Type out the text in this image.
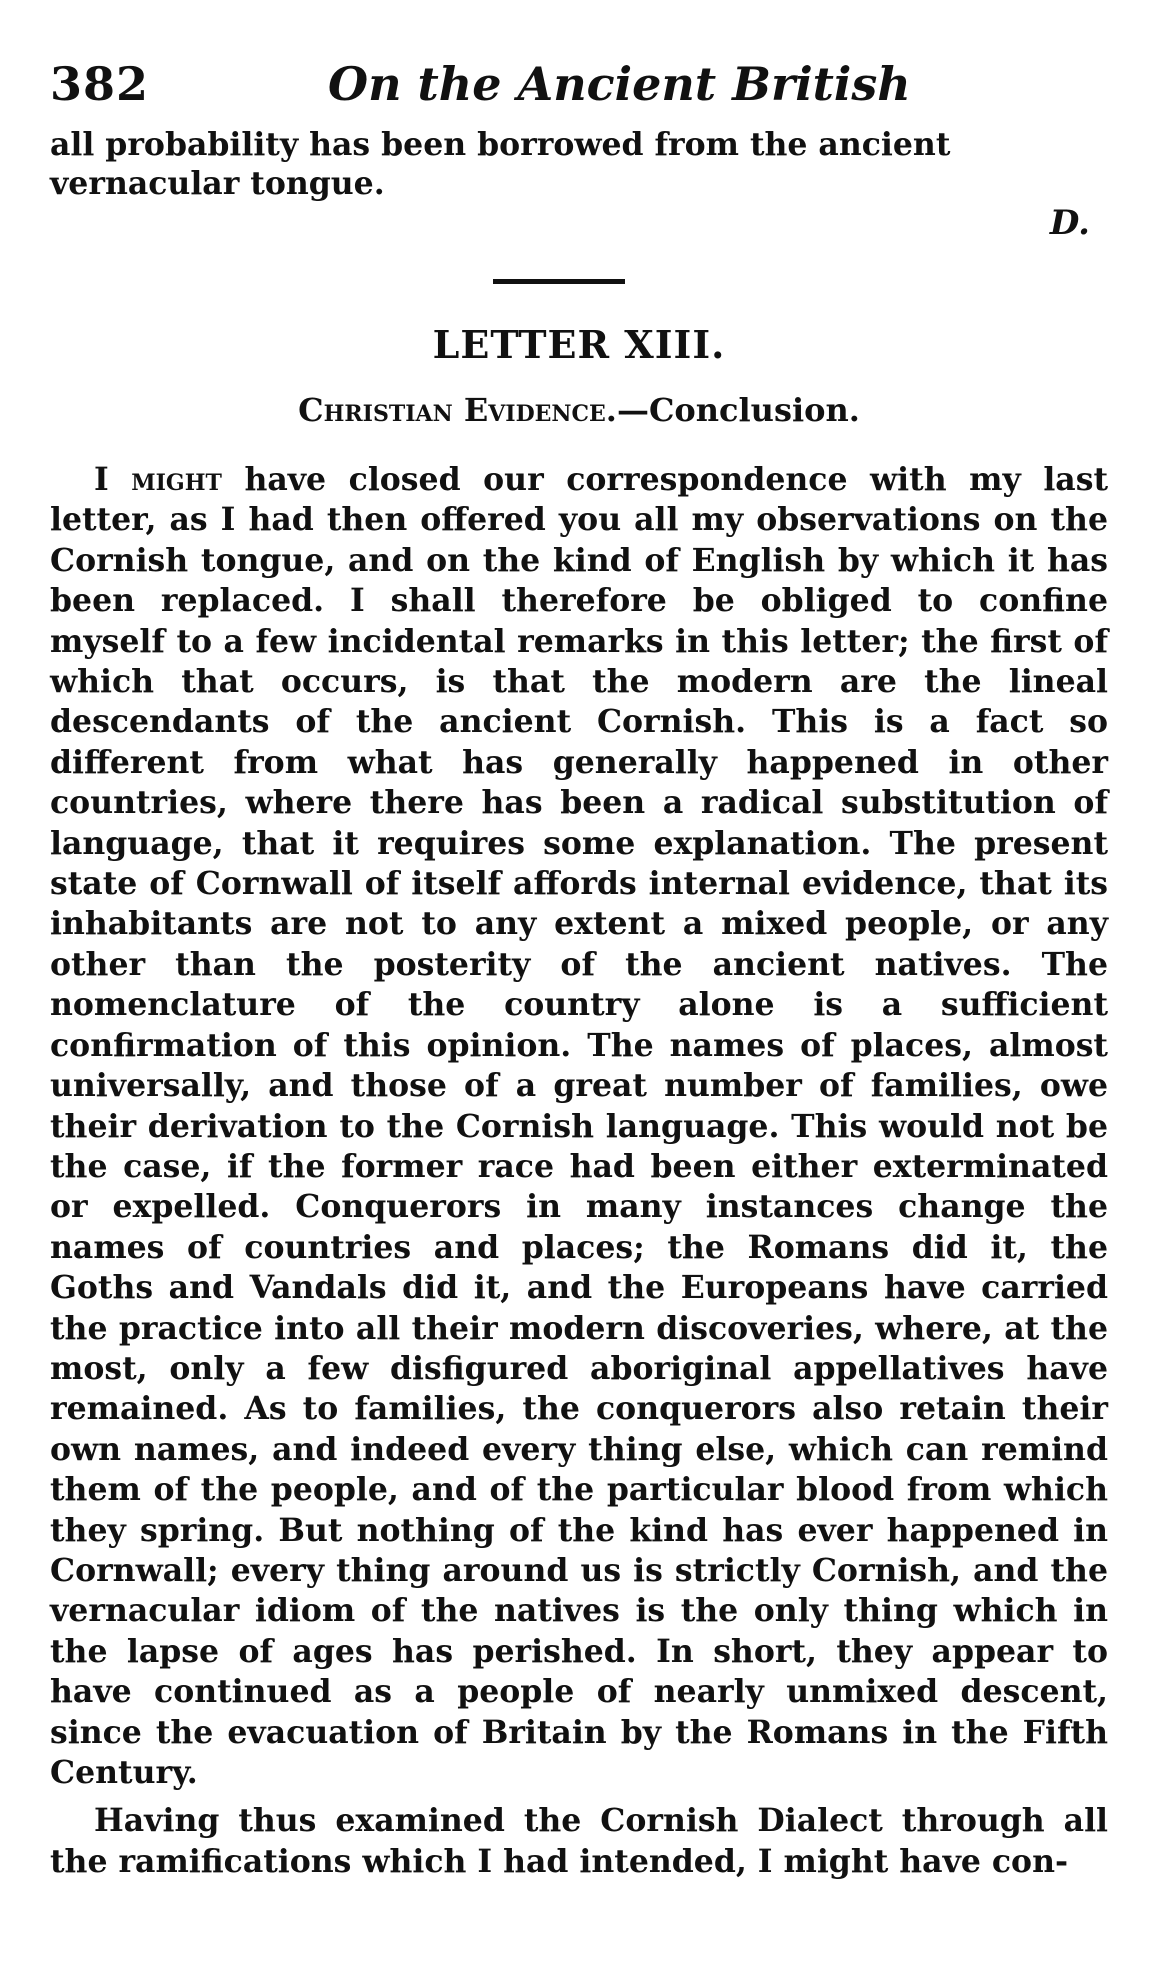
382	On the Ancient British
all probability has been borrowed from the ancient vernacular tongue.
D.
LETTER XIII.
Christian Evidence.—Conclusion.

I might have closed our correspondence with my last letter, as I had then offered you all my observations on the Cornish tongue, and on the kind of English by which it has been replaced. I shall therefore be obliged to confine myself to a few incidental remarks in this letter; the first of which that occurs, is that the modern are the lineal descendants of the ancient Cornish. This is a fact so different from what has generally happened in other countries, where there has been a radical substitution of language, that it requires some explanation. The present state of Cornwall of itself affords internal evidence, that its inhabitants are not to any extent a mixed people, or any other than the posterity of the ancient natives. The nomenclature of the country alone is a sufficient confirmation of this opinion. The names of places, almost universally, and those of a great number of families, owe their derivation to the Cornish language. This would not be the case, if the former race had been either exterminated or expelled. Conquerors in many instances change the names of countries and places; the Romans did it, the Goths and Vandals did it, and the Europeans have carried the practice into all their modern discoveries, where, at the most, only a few disfigured aboriginal appellatives have remained. As to families, the conquerors also retain their own names, and indeed every thing else, which can remind them of the people, and of the particular blood from which they spring. But nothing of the kind has ever happened in Cornwall; every thing around us is strictly Cornish, and the vernacular idiom of the natives is the only thing which in the lapse of ages has perished. In short, they appear to have continued as a people of nearly unmixed descent, since the evacuation of Britain by the Romans in the Fifth Century.

Having thus examined the Cornish Dialect through all the ramifications which I had intended, I might have con-
